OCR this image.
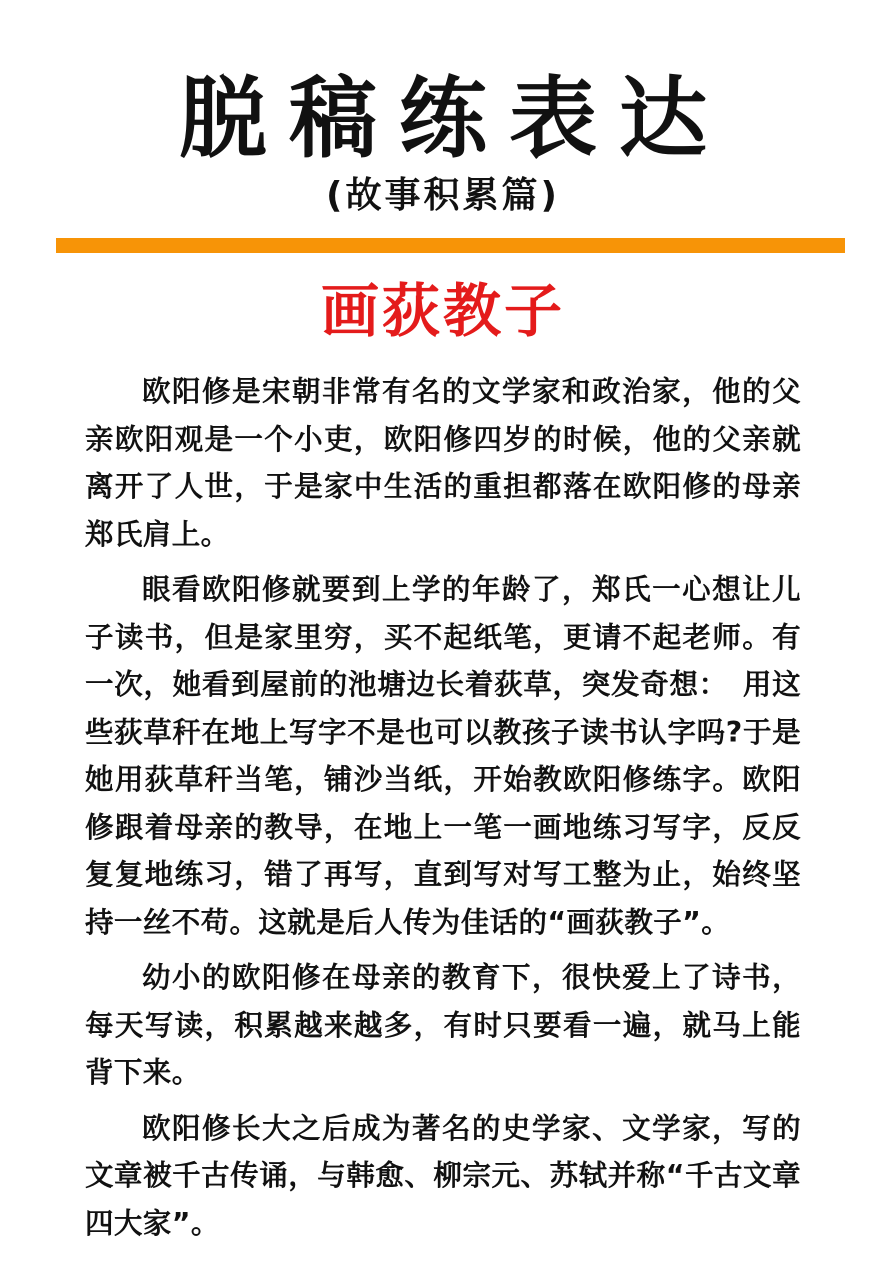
脱稿练表达
(故事积累篇)
画荻教子

欧阳修是宋朝非常有名的文学家和政治家，他的父亲欧阳观是一个小吏，欧阳修四岁的时候，他的父亲就离开了人世，于是家中生活的重担都落在欧阳修的母亲郑氏肩上。

眼看欧阳修就要到上学的年龄了，郑氏一心想让儿子读书，但是家里穷，买不起纸笔，更请不起老师。有一次，她看到屋前的池塘边长着荻草，突发奇想：　用这些荻草秆在地上写字不是也可以教孩子读书认字吗?于是她用荻草秆当笔，铺沙当纸，开始教欧阳修练字。欧阳修跟着母亲的教导，在地上一笔一画地练习写字，反反复复地练习，错了再写，直到写对写工整为止，始终坚持一丝不苟。这就是后人传为佳话的“画荻教子”。

幼小的欧阳修在母亲的教育下，很快爱上了诗书，每天写读，积累越来越多，有时只要看一遍，就马上能背下来。

欧阳修长大之后成为著名的史学家、文学家，写的文章被千古传诵，与韩愈、柳宗元、苏轼并称“千古文章四大家”。
